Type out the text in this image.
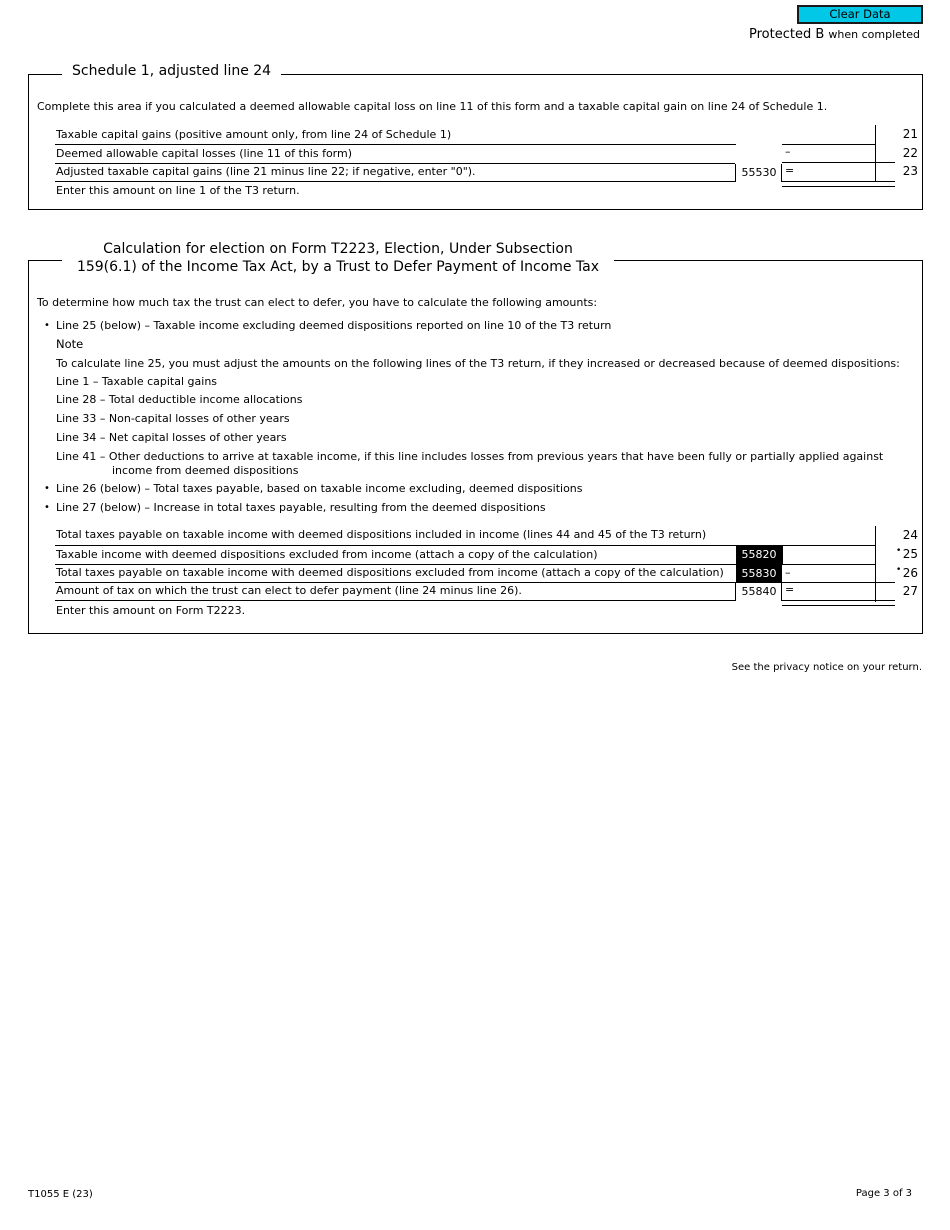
Clear Data
Protected B when completed
Schedule 1, adjusted line 24
Complete this area if you calculated a deemed allowable capital loss on line 11 of this form and a taxable capital gain on line 24 of Schedule 1.
Taxable capital gains (positive amount only, from line 24 of Schedule 1)	21
Deemed allowable capital losses (line 11 of this form)	–	22
Adjusted taxable capital gains (line 21 minus line 22; if negative, enter "0").	55530 =	23
Enter this amount on line 1 of the T3 return.
Calculation for election on Form T2223, Election, Under Subsection
159(6.1) of the Income Tax Act, by a Trust to Defer Payment of Income Tax
To determine how much tax the trust can elect to defer, you have to calculate the following amounts:
• Line 25 (below) – Taxable income excluding deemed dispositions reported on line 10 of the T3 return
Note
To calculate line 25, you must adjust the amounts on the following lines of the T3 return, if they increased or decreased because of deemed dispositions:
Line 1 – Taxable capital gains
Line 28 – Total deductible income allocations
Line 33 – Non-capital losses of other years
Line 34 – Net capital losses of other years
Line 41 – Other deductions to arrive at taxable income, if this line includes losses from previous years that have been fully or partially applied against
income from deemed dispositions
• Line 26 (below) – Total taxes payable, based on taxable income excluding, deemed dispositions
• Line 27 (below) – Increase in total taxes payable, resulting from the deemed dispositions
Total taxes payable on taxable income with deemed dispositions included in income (lines 44 and 45 of the T3 return)	24
Taxable income with deemed dispositions excluded from income (attach a copy of the calculation)	55820	• 25
Total taxes payable on taxable income with deemed dispositions excluded from income (attach a copy of the calculation)	55830 –	• 26
Amount of tax on which the trust can elect to defer payment (line 24 minus line 26).	55840 =	27
Enter this amount on Form T2223.
See the privacy notice on your return.
T1055 E (23)	Page 3 of 3
